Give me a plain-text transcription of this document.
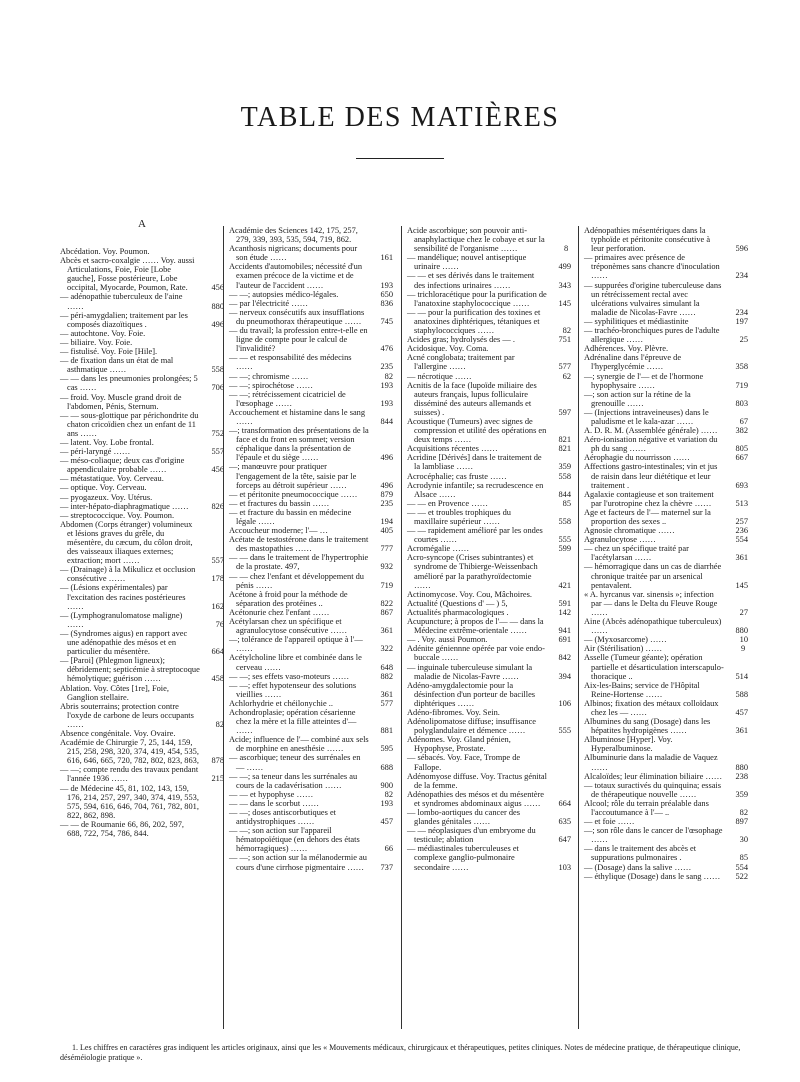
TABLE DES MATIÈRES
A
Abcédation. Voy. Poumon.
Abcès et sacro-coxalgie …… Voy. aussi Articulations, Foie, Foie [Lobe gauche], Fosse postérieure, Lobe occipital, Myocarde, Poumon, Rate.	456
— adénopathie tuberculeux de l'aine ……	880
— péri-amygdalien; traitement par les composés diazoïtiques .	496
— autochtone. Voy. Foie.
— biliaire. Voy. Foie.
— fistulisé. Voy. Foie [Hile].
— de fixation dans un état de mal asthmatique ……	558
— — dans les pneumonies prolongées; 5 cas ……	706
— froid. Voy. Muscle grand droit de l'abdomen, Pénis, Sternum.
— — sous-glottique par périchondrite du chaton cricoïdien chez un enfant de 11 ans ……	752
— latent. Voy. Lobe frontal.
— péri-laryngé ……	557
— méso-coliaque; deux cas d'origine appendiculaire probable ……	456
— métastatique. Voy. Cerveau.
— optique. Voy. Cerveau.
— pyogazeux. Voy. Utérus.
— inter-hépato-diaphragmatique ……	826
— streptococcique. Voy. Poumon.
Abdomen (Corps étranger) volumineux et lésions graves du grêle, du mésentère, du cæcum, du côlon droit, des vaisseaux iliaques externes; extraction; mort ……	557
— (Drainage) à la Mikulicz et occlusion consécutive ……	178
— (Lésions expérimentales) par l'excitation des racines postérieures ……	162
— (Lymphogranulomatose maligne) ……	76
— (Syndromes aigus) en rapport avec une adénopathie des mésos et en particulier du mésentère.	664
— [Paroi] (Phlegmon ligneux); débridement; septicémie à streptocoque hémolytique; guérison ……	458
Ablation. Voy. Côtes [1re], Foie, Ganglion stellaire.
Abris souterrains; protection contre l'oxyde de carbone de leurs occupants ……	82
Absence congénitale. Voy. Ovaire.
Académie de Chirurgie 7, 25, 144, 159, 215, 258, 298, 320, 374, 419, 454, 535, 616, 646, 665, 720, 782, 802, 823, 863, 878
— —; compte rendu des travaux pendant l'année 1936 ……	215
— de Médecine 45, 81, 102, 143, 159, 176, 214, 257, 297, 340, 374, 419, 553, 575, 594, 616, 646, 704, 761, 782, 801, 822, 862, 898.
— — de Roumanie 66, 86, 202, 597, 688, 722, 754, 786, 844.
Académie des Sciences 142, 175, 257, 279, 339, 393, 535, 594, 719, 862.
Acanthosis nigricans; documents pour son étude ……	161
Accidents d'automobiles; nécessité d'un examen précoce de la victime et de l'auteur de l'accident ……	193
— —; autopsies médico-légales.	650
— par l'électricité ……	836
— nerveux consécutifs aux insufflations du pneumothorax thérapeutique …… 745
— du travail; la profession entre-t-elle en ligne de compte pour le calcul de l'invalidité?	476
— — et responsabilité des médecins ……	235
— —; chromisme ……	82
— —; spirochétose ……	193
— —; rétrécissement cicatriciel de l'œsophage ……	193
Accouchement et histamine dans le sang ……	844
—; transformation des présentations de la face et du front en sommet; version céphalique dans la présentation de l'épaule et du siège ……	496
—; manœuvre pour pratiquer l'engagement de la tête, saisie par le forceps au détroit supérieur ……	496
— et péritonite pneumococcique ……	879
— et fractures du bassin ……	235
— et fracture du bassin en médecine légale ……	194
Accoucheur moderne; l'— …	405
Acétate de testostérone dans le traitement des mastopathies ……	777
— — dans le traitement de l'hypertrophie de la prostate. 497,	932
— — chez l'enfant et développement du pénis ……	719
Acétone à froid pour la méthode de séparation des protéines ..	822
Acétonurie chez l'enfant ……	867
Acétylarsan chez un spécifique et agranulocytose consécutive ……	361
—; tolérance de l'appareil optique à l'— ……	322
Acétylcholine libre et combinée dans le cerveau ……	648
— —; ses effets vaso-moteurs ……	882
— —; effet hypotenseur des solutions vieillies ……	361
Achlorhydrie et chéilonychie ..	577
Achondroplasie; opération césarienne chez la mère et la fille atteintes d'— ……	881
Acide; influence de l'— combiné aux sels de morphine en anesthésie ……	595
— ascorbique; teneur des surrénales en — ……	688
— —; sa teneur dans les surrénales au cours de la cadavérisation ……	900
— — et hypophyse ……	82
— — dans le scorbut ……	193
— —; doses antiscorbutiques et antidystrophiques ……	457
— —; son action sur l'appareil hématopoïétique (en dehors des états hémorragiques) ……	66
— —; son action sur la mélanodermie au cours d'une cirrhose pigmentaire …… 737
Acide ascorbique; son pouvoir anti-anaphylactique chez le cobaye et sur la sensibilité de l'organisme ……	8
— mandélique; nouvel antiseptique urinaire ……	499
— — et ses dérivés dans le traitement des infections urinaires ……	343
— trichloracétique pour la purification de l'anatoxine staphylococcique ……	145
— — pour la purification des toxines et anatoxines diphtériques, tétaniques et staphylococciques ……	82
Acides gras; hydrolysés des — .	751
Acidosique. Voy. Coma.
Acné conglobata; traitement par l'allergine ……	577
— nécrotique ……	62
Acnitis de la face (lupoïde miliaire des auteurs français, lupus folliculaire disséminé des auteurs allemands et suisses) .	597
Acoustique (Tumeurs) avec signes de compression et utilité des opérations en deux temps ……	821
Acquisitions récentes ……	821
Acridine [Dérivés] dans le traitement de la lambliase ……	359
Acrocéphalie; cas fruste ……	558
Acrodynie infantile; sa recrudescence en Alsace ……	844
— — en Provence ……	85
— — et troubles trophiques du maxillaire supérieur ……	558
— — rapidement amélioré par les ondes courtes ……	555
Acromégalie ……	599
Acro-syncope (Crises subintrantes) et syndrome de Thibierge-Weissenbach amélioré par la parathyroïdectomie ……	421
Actinomycose. Voy. Cou, Mâchoires.
Actualité (Questions d' — ) 5,	591
Actualités pharmacologiques .	142
Acupuncture; à propos de l'— — dans la Médecine extrême-orientale ……	941
— . Voy. aussi Poumon.	691
Adénite géniennne opérée par voie endo-buccale ……	842
— inguinale tuberculeuse simulant la maladie de Nicolas-Favre ……	394
Adéno-amygdalectomie pour la désinfection d'un porteur de bacilles diphtériques ……	106
Adéno-fibromes. Voy. Sein.
Adénolipomatose diffuse; insuffisance polyglandulaire et démence ……	555
Adénomes. Voy. Gland pénien, Hypophyse, Prostate.
— sébacés. Voy. Face, Trompe de Fallope.
Adénomyose diffuse. Voy. Tractus génital de la femme.
Adénopathies des mésos et du mésentère et syndromes abdominaux aigus …… 664
— lombo-aortiques du cancer des glandes génitales ……	635
— — néoplasiques d'un embryome du testicule; ablation	647
— médiastinales tuberculeuses et complexe ganglio-pulmonaire secondaire ……	103
Adénopathies mésentériques dans la typhoïde et péritonite consécutive à leur perforation.	596
— primaires avec présence de tréponèmes sans chancre d'inoculation ……	234
— suppurées d'origine tuberculeuse dans un rétrécissement rectal avec ulcérations vulvaires simulant la maladie de Nicolas-Favre ……	234
— syphilitiques et médiastinite	197
— trachéo-bronchiques pures de l'adulte allergique ……	25
Adhérences. Voy. Plèvre.
Adrénaline dans l'épreuve de l'hyperglycémie ……	358
—; synergie de l'— et de l'hormone hypophysaire ……	719
—; son action sur la rétine de la grenouille ……	803
— (Injections intraveineuses) dans le paludisme et le kala-azar ……	67
A. D. R. M. (Assemblée générale) …… 382
Aéro-ionisation négative et variation du ph du sang ……	805
Aérophagie du nourrisson ……	667
Affections gastro-intestinales; vin et jus de raisin dans leur diététique et leur traitement .	693
Agalaxie contagieuse et son traitement par l'urotropine chez la chèvre ……	513
Age et facteurs de l'— maternel sur la proportion des sexes ..	257
Agnosie chromatique ……	236
Agranulocytose ……	554
— chez un spécifique traité par l'acétylarsan ……	361
— hémorragique dans un cas de diarrhée chronique traitée par un arsenical pentavalent.	145
« A. hyrcanus var. sinensis »; infection par — dans le Delta du Fleuve Rouge ……	27
Aine (Abcès adénopathique tuberculeux) ……	880
— (Myxosarcome) ……	10
Air (Stérilisation) ……	9
Asselle (Tumeur géante); opération partielle et désarticulation interscapulo-thoracique ..	514
Aix-les-Bains; service de l'Hôpital Reine-Hortense ……	588
Albinos; fixation des métaux colloïdaux chez les — ……	457
Albumines du sang (Dosage) dans les hépatites hydropigènes ……	361
Albuminose [Hyper]. Voy. Hyperalbuminose.
Albuminurie dans la maladie de Vaquez ……	880
Alcaloïdes; leur élimination biliaire …… 238
— totaux suractivés du quinquina; essais de thérapeutique nouvelle ……	359
Alcool; rôle du terrain préalable dans l'accoutumance à l'— ..	82
— et foie ……	897
—; son rôle dans le cancer de l'œsophage ……	30
— dans le traitement des abcès et suppurations pulmonaires .	85
— (Dosage) dans la salive ……	554
— éthylique (Dosage) dans le sang …… 522
1. Les chiffres en caractères gras indiquent les articles originaux, ainsi que les « Mouvements médicaux, chirurgicaux et thérapeutiques, petites cliniques. Notes de médecine pratique, de thérapeutique clinique, déséméiologie pratique ».
